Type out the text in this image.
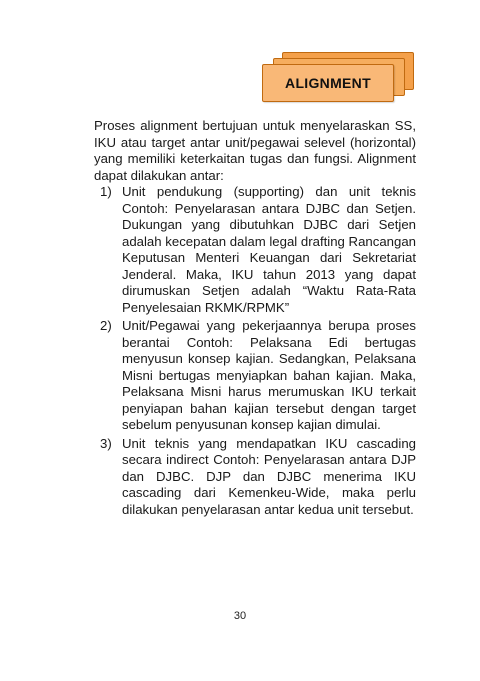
ALIGNMENT

Proses alignment bertujuan untuk menyelaraskan SS, IKU atau target antar unit/pegawai selevel (horizontal) yang memiliki keterkaitan tugas dan fungsi. Alignment dapat dilakukan antar:

1) Unit pendukung (supporting) dan unit teknis Contoh: Penyelarasan antara DJBC dan Setjen. Dukungan yang dibutuhkan DJBC dari Setjen adalah kecepatan dalam legal drafting Rancangan Keputusan Menteri Keuangan dari Sekretariat Jenderal. Maka, IKU tahun 2013 yang dapat dirumuskan Setjen adalah “Waktu Rata-Rata Penyelesaian RKMK/RPMK”
2) Unit/Pegawai yang pekerjaannya berupa proses berantai Contoh: Pelaksana Edi bertugas menyusun konsep kajian. Sedangkan, Pelaksana Misni bertugas menyiapkan bahan kajian. Maka, Pelaksana Misni harus merumuskan IKU terkait penyiapan bahan kajian tersebut dengan target sebelum penyusunan konsep kajian dimulai.
3) Unit teknis yang mendapatkan IKU cascading secara indirect Contoh: Penyelarasan antara DJP dan DJBC. DJP dan DJBC menerima IKU cascading dari Kemenkeu-Wide, maka perlu dilakukan penyelarasan antar kedua unit tersebut.
30
